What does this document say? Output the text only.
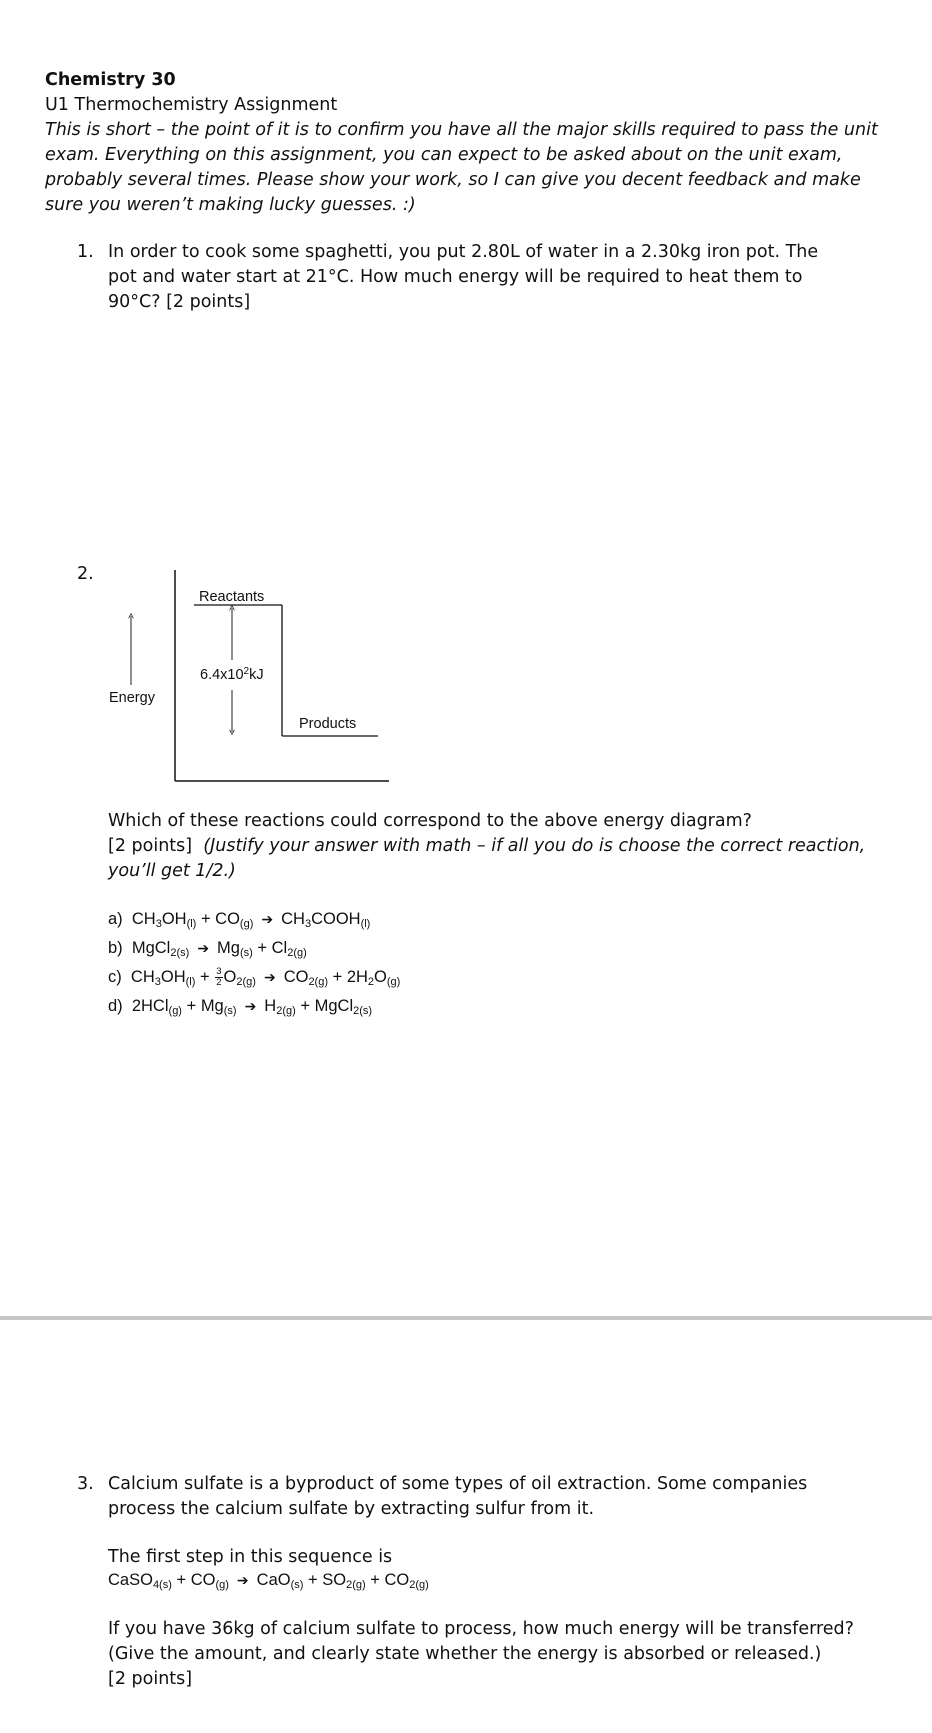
Chemistry 30
U1 Thermochemistry Assignment
This is short – the point of it is to confirm you have all the major skills required to pass the unit exam. Everything on this assignment, you can expect to be asked about on the unit exam, probably several times. Please show your work, so I can give you decent feedback and make sure you weren’t making lucky guesses. :)
1. In order to cook some spaghetti, you put 2.80L of water in a 2.30kg iron pot. The pot and water start at 21°C. How much energy will be required to heat them to 90°C? [2 points]
2.
Reactants
Energy
Products
$6.4x10^2kJ$
Which of these reactions could correspond to the above energy diagram?
[2 points] (Justify your answer with math – if all you do is choose the correct reaction, you’ll get 1/2.)
a) $CH_3OH_{(l)} + CO_{(g)}$ ➔ $CH_3COOH_{(l)}$
b) MgCl$_{2(s)}$ ➔ $Mg_{(s)} + Cl_{2(g)}$
c) $CH_3OH_{(l)} + \frac{3}{2} O_{2(g)}$ ➔ $CO_{2(g)} + 2H_2O_{(g)}$
d) $2HCl_{(g)} + Mg_{(s)}$ ➔ $H_{2(g)}$ + MgCl$_{2(s)}$
3. Calcium sulfate is a byproduct of some types of oil extraction. Some companies process the calcium sulfate by extracting sulfur from it.
The first step in this sequence is
CaSO$_{4(s)}$ + $CO_{(g)}$ ➔ $CaO_{(s)} + SO_{2(g)} + CO_{2(g)}$
If you have 36kg of calcium sulfate to process, how much energy will be transferred? (Give the amount, and clearly state whether the energy is absorbed or released.)
[2 points]
